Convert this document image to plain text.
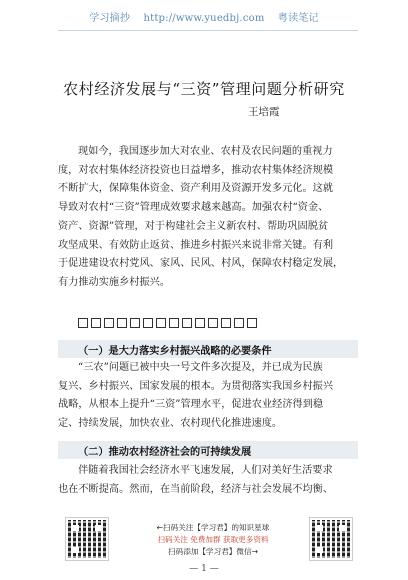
学习摘抄 http://www.yuedbj.com 粤读笔记
农村经济发展与“三资”管理问题分析研究
王培霞
现如今，我国逐步加大对农业、农村及农民问题的重视力
度，对农村集体经济投资也日益增多，推动农村集体经济规模
不断扩大，保障集体资金、资产利用及资源开发多元化。这就
导致对农村“三资”管理成效要求越来越高。加强农村“资金、
资产、资源”管理，对于构建社会主义新农村、帮助巩固脱贫
攻坚成果、有效防止返贫、推进乡村振兴来说非常关键。有利
于促进建设农村党风、家风、民风、村风，保障农村稳定发展，
有力推动实施乡村振兴。
（一）是大力落实乡村振兴战略的必要条件
“三农”问题已被中央一号文件多次提及，并已成为民族
复兴、乡村振兴、国家发展的根本。为贯彻落实我国乡村振兴
战略，从根本上提升“三资”管理水平，促进农业经济得到稳
定、持续发展，加快农业、农村现代化推进速度。
（二）推动农村经济社会的可持续发展
伴随着我国社会经济水平飞速发展，人们对美好生活要求
也在不断提高。然而，在当前阶段，经济与社会发展不均衡、
←扫码关注【学习君】的知识星球
扫码关注 免费加群 获取更多资料
扫码添加【学习君】微信→
— 1 —
